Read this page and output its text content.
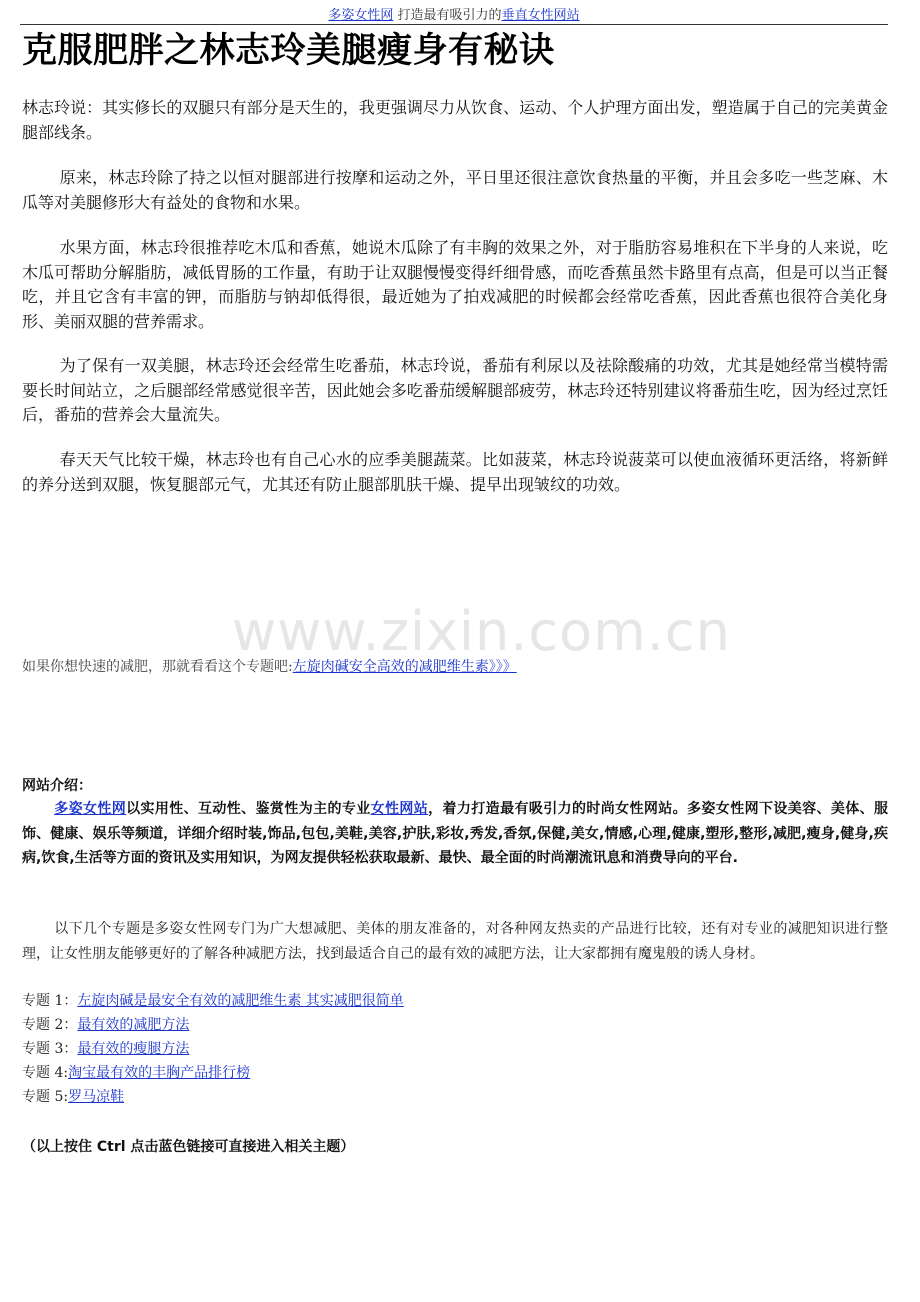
多姿女性网 打造最有吸引力的垂直女性网站
克服肥胖之林志玲美腿瘦身有秘诀

林志玲说：其实修长的双腿只有部分是天生的，我更强调尽力从饮食、运动、个人护理方面出发，塑造属于自己的完美黄金腿部线条。

原来，林志玲除了持之以恒对腿部进行按摩和运动之外，平日里还很注意饮食热量的平衡，并且会多吃一些芝麻、木瓜等对美腿修形大有益处的食物和水果。

水果方面，林志玲很推荐吃木瓜和香蕉，她说木瓜除了有丰胸的效果之外，对于脂肪容易堆积在下半身的人来说，吃木瓜可帮助分解脂肪，减低胃肠的工作量，有助于让双腿慢慢变得纤细骨感，而吃香蕉虽然卡路里有点高，但是可以当正餐吃，并且它含有丰富的钾，而脂肪与钠却低得很，最近她为了拍戏减肥的时候都会经常吃香蕉，因此香蕉也很符合美化身形、美丽双腿的营养需求。

为了保有一双美腿，林志玲还会经常生吃番茄，林志玲说，番茄有利尿以及祛除酸痛的功效，尤其是她经常当模特需要长时间站立，之后腿部经常感觉很辛苦，因此她会多吃番茄缓解腿部疲劳，林志玲还特别建议将番茄生吃，因为经过烹饪后，番茄的营养会大量流失。

春天天气比较干燥，林志玲也有自己心水的应季美腿蔬菜。比如菠菜，林志玲说菠菜可以使血液循环更活络，将新鲜的养分送到双腿，恢复腿部元气，尤其还有防止腿部肌肤干燥、提早出现皱纹的功效。

www.zixin.com.cn
如果你想快速的减肥，那就看看这个专题吧:左旋肉碱安全高效的减肥维生素》》》
网站介绍：

多姿女性网以实用性、互动性、鉴赏性为主的专业女性网站，着力打造最有吸引力的时尚女性网站。多姿女性网下设美容、美体、服饰、健康、娱乐等频道，详细介绍时装,饰品,包包,美鞋,美容,护肤,彩妆,秀发,香氛,保健,美女,情感,心理,健康,塑形,整形,减肥,瘦身,健身,疾病,饮食,生活等方面的资讯及实用知识，为网友提供轻松获取最新、最快、最全面的时尚潮流讯息和消费导向的平台.

以下几个专题是多姿女性网专门为广大想减肥、美体的朋友准备的，对各种网友热卖的产品进行比较，还有对专业的减肥知识进行整理，让女性朋友能够更好的了解各种减肥方法，找到最适合自己的最有效的减肥方法，让大家都拥有魔鬼般的诱人身材。

专题 1：左旋肉碱是最安全有效的减肥维生素 其实减肥很简单
专题 2：最有效的减肥方法
专题 3：最有效的瘦腿方法
专题 4:淘宝最有效的丰胸产品排行榜
专题 5:罗马凉鞋
（以上按住 Ctrl 点击蓝色链接可直接进入相关主题）
